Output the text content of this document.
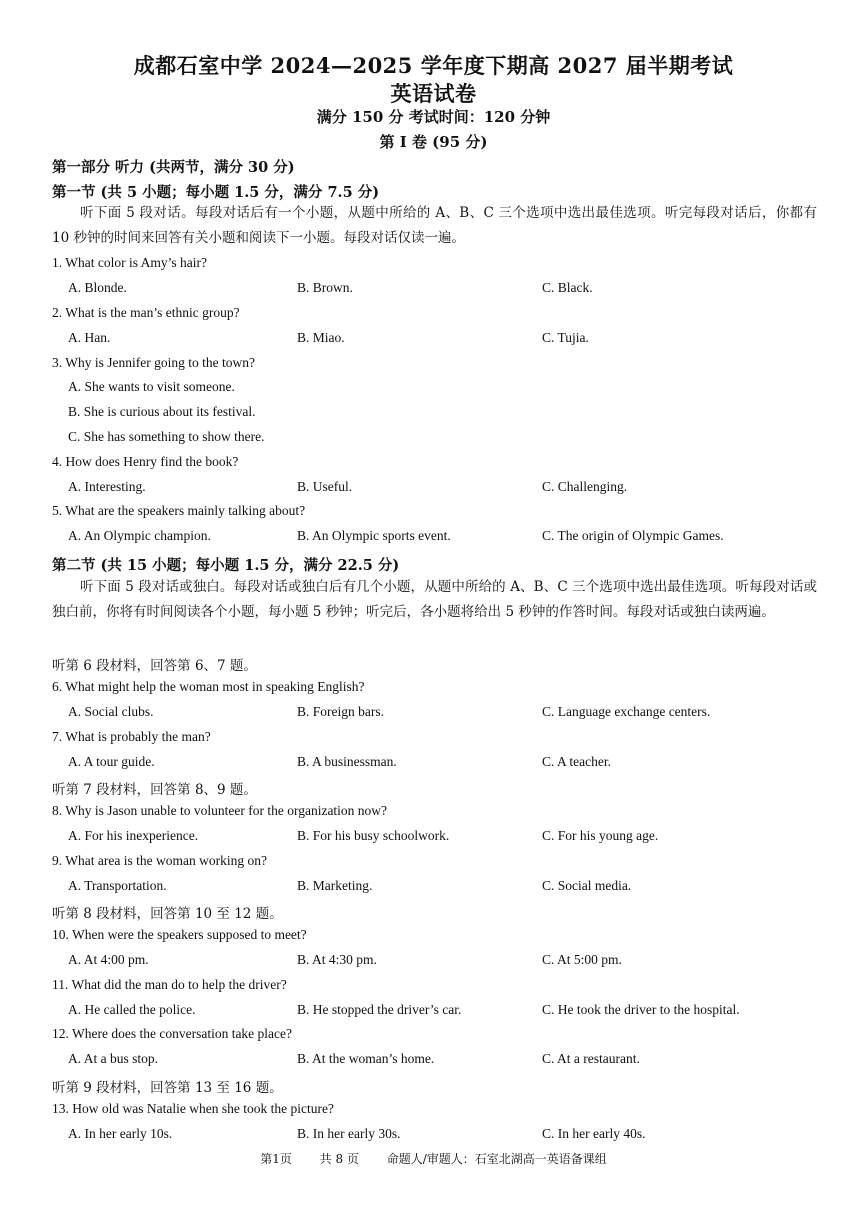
成都石室中学 2024—2025 学年度下期高 2027 届半期考试
英语试卷
满分 150 分 考试时间：120 分钟
第 I 卷 (95 分)
第一部分 听力 (共两节，满分 30 分)
第一节 (共 5 小题；每小题 1.5 分，满分 7.5 分)
听下面 5 段对话。每段对话后有一个小题，从题中所给的 A、B、C 三个选项中选出最佳选项。听完每段对话后，你都有 10 秒钟的时间来回答有关小题和阅读下一小题。每段对话仅读一遍。
1. What color is Amy’s hair?
A. Blonde.	B. Brown.	C. Black.
2. What is the man’s ethnic group?
A. Han.	B. Miao.	C. Tujia.
3. Why is Jennifer going to the town?
A. She wants to visit someone.
B. She is curious about its festival.
C. She has something to show there.
4. How does Henry find the book?
A. Interesting.	B. Useful.	C. Challenging.
5. What are the speakers mainly talking about?
A. An Olympic champion.	B. An Olympic sports event.	C. The origin of Olympic Games.
第二节 (共 15 小题；每小题 1.5 分，满分 22.5 分)
听下面 5 段对话或独白。每段对话或独白后有几个小题，从题中所给的 A、B、C 三个选项中选出最佳选项。听每段对话或独白前，你将有时间阅读各个小题，每小题 5 秒钟；听完后，各小题将给出 5 秒钟的作答时间。每段对话或独白读两遍。
听第 6 段材料，回答第 6、7 题。
6. What might help the woman most in speaking English?
A. Social clubs.	B. Foreign bars.	C. Language exchange centers.
7. What is probably the man?
A. A tour guide.	B. A businessman.	C. A teacher.
听第 7 段材料，回答第 8、9 题。
8. Why is Jason unable to volunteer for the organization now?
A. For his inexperience.	B. For his busy schoolwork.	C. For his young age.
9. What area is the woman working on?
A. Transportation.	B. Marketing.	C. Social media.
听第 8 段材料，回答第 10 至 12 题。
10. When were the speakers supposed to meet?
A. At 4:00 pm.	B. At 4:30 pm.	C. At 5:00 pm.
11. What did the man do to help the driver?
A. He called the police.	B. He stopped the driver’s car.	C. He took the driver to the hospital.
12. Where does the conversation take place?
A. At a bus stop.	B. At the woman’s home.	C. At a restaurant.
听第 9 段材料，回答第 13 至 16 题。
13. How old was Natalie when she took the picture?
A. In her early 10s.	B. In her early 30s.	C. In her early 40s.
第1页 共 8 页 命题人/审题人：石室北湖高一英语备课组
